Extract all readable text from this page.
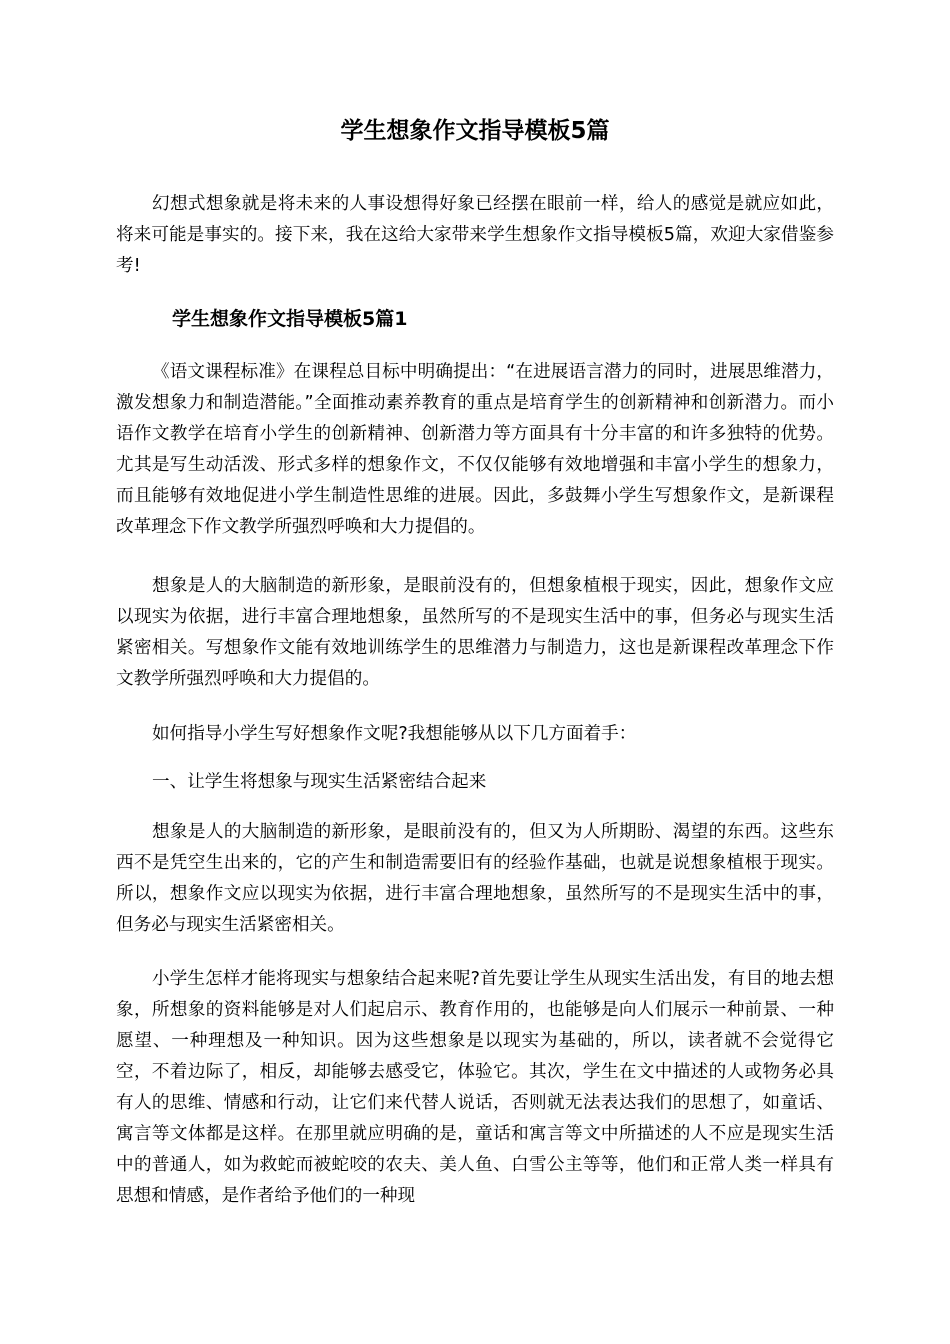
学生想象作文指导模板5篇

幻想式想象就是将未来的人事设想得好象已经摆在眼前一样，给人的感觉是就应如此，将来可能是事实的。接下来，我在这给大家带来学生想象作文指导模板5篇，欢迎大家借鉴参考!

学生想象作文指导模板5篇1

《语文课程标准》在课程总目标中明确提出：“在进展语言潜力的同时，进展思维潜力，激发想象力和制造潜能。”全面推动素养教育的重点是培育学生的创新精神和创新潜力。而小语作文教学在培育小学生的创新精神、创新潜力等方面具有十分丰富的和许多独特的优势。尤其是写生动活泼、形式多样的想象作文，不仅仅能够有效地增强和丰富小学生的想象力，而且能够有效地促进小学生制造性思维的进展。因此，多鼓舞小学生写想象作文，是新课程改革理念下作文教学所强烈呼唤和大力提倡的。

想象是人的大脑制造的新形象，是眼前没有的，但想象植根于现实，因此，想象作文应以现实为依据，进行丰富合理地想象，虽然所写的不是现实生活中的事，但务必与现实生活紧密相关。写想象作文能有效地训练学生的思维潜力与制造力，这也是新课程改革理念下作文教学所强烈呼唤和大力提倡的。

如何指导小学生写好想象作文呢?我想能够从以下几方面着手：

一、让学生将想象与现实生活紧密结合起来

想象是人的大脑制造的新形象，是眼前没有的，但又为人所期盼、渴望的东西。这些东西不是凭空生出来的，它的产生和制造需要旧有的经验作基础，也就是说想象植根于现实。所以，想象作文应以现实为依据，进行丰富合理地想象，虽然所写的不是现实生活中的事，但务必与现实生活紧密相关。

小学生怎样才能将现实与想象结合起来呢?首先要让学生从现实生活出发，有目的地去想象，所想象的资料能够是对人们起启示、教育作用的，也能够是向人们展示一种前景、一种愿望、一种理想及一种知识。因为这些想象是以现实为基础的，所以，读者就不会觉得它空，不着边际了，相反，却能够去感受它，体验它。其次，学生在文中描述的人或物务必具有人的思维、情感和行动，让它们来代替人说话，否则就无法表达我们的思想了，如童话、寓言等文体都是这样。在那里就应明确的是，童话和寓言等文中所描述的人不应是现实生活中的普通人，如为救蛇而被蛇咬的农夫、美人鱼、白雪公主等等，他们和正常人类一样具有思想和情感，是作者给予他们的一种现
